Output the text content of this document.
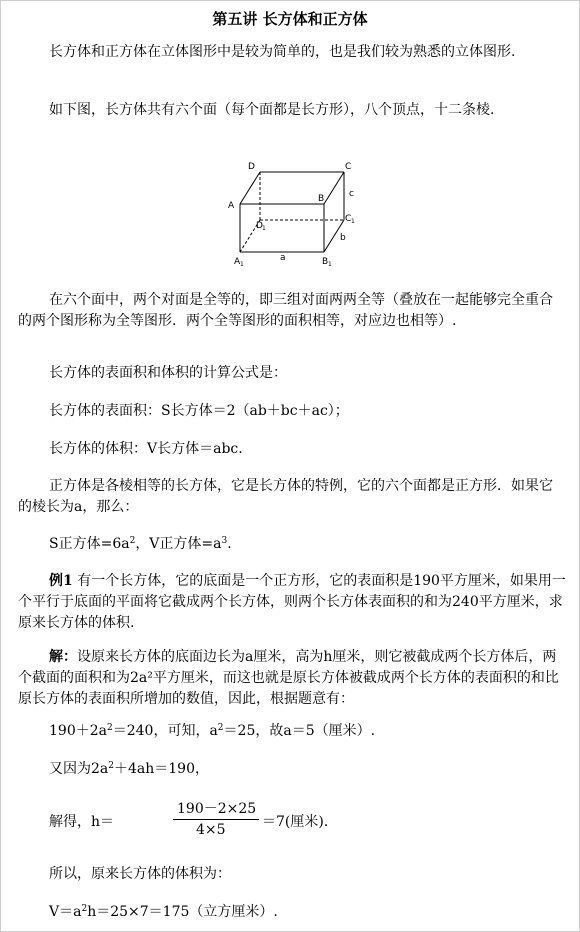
第五讲 长方体和正方体
长方体和正方体在立体图形中是较为简单的，也是我们较为熟悉的立体图形.
如下图，长方体共有六个面（每个面都是长方形），八个顶点，十二条棱.
D	C
A
B	c
D 1
C 1
b
A 1
a	B 1
在六个面中，两个对面是全等的，即三组对面两两全等（叠放在一起能够完全重合的两个图形称为全等图形．两个全等图形的面积相等，对应边也相等）.
长方体的表面积和体积的计算公式是：
长方体的表面积：S长方体＝2（ab＋bc＋ac）；
长方体的体积：V长方体＝abc.
正方体是各棱相等的长方体，它是长方体的特例，它的六个面都是正方形．如果它的棱长为a，那么：
S正方体$=6a^2$，V正方体$=a^3$.
例1 有一个长方体，它的底面是一个正方形，它的表面积是190平方厘米，如果用一个平行于底面的平面将它截成两个长方体，则两个长方体表面积的和为240平方厘米，求原来长方体的体积.
解：设原来长方体的底面边长为a厘米，高为h厘米，则它被截成两个长方体后，两个截面的面积和为2a²平方厘米，而这也就是原长方体被截成两个长方体的表面积的和比原长方体的表面积所增加的数值，因此，根据题意有：
$190+2a^2=240$，可知，$a^2=25$，故a＝5（厘米）.
又因为$2a^2+4ah=190$，
解得，h＝
190－2×25
4×5	＝7(厘米)．
所以，原来长方体的体积为：
$V=a^2h=25\times 7=175$（立方厘米）.
